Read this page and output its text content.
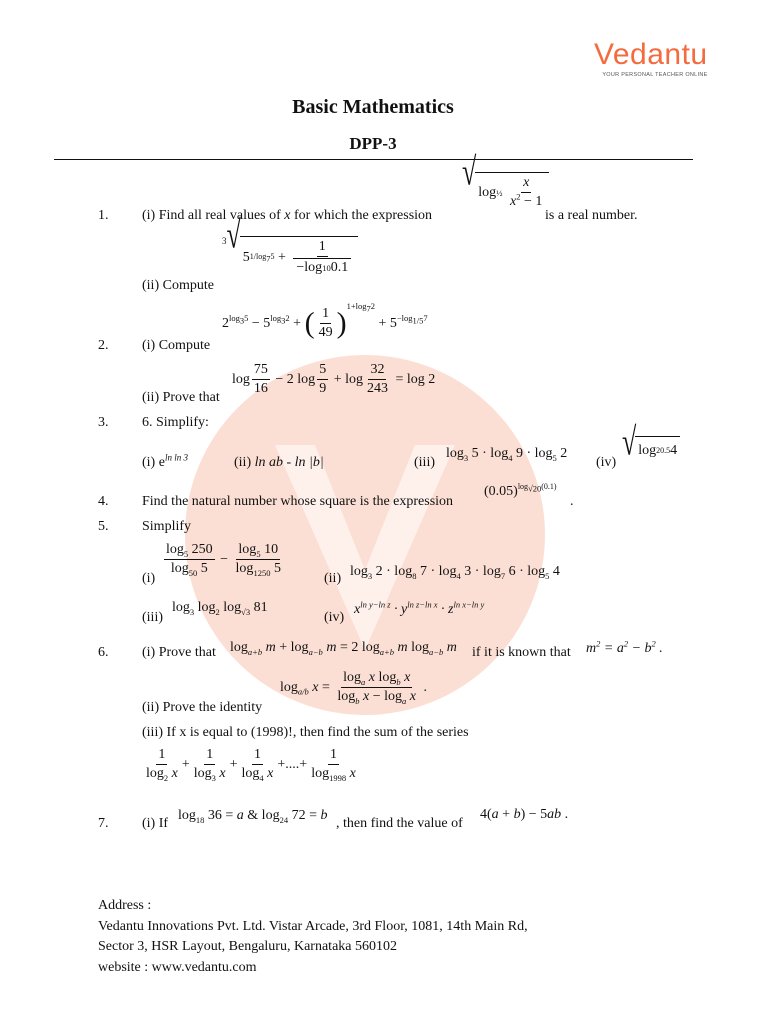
Vedantu
YOUR PERSONAL TEACHER ONLINE
Basic Mathematics
DPP-3
1. (i) Find all real values of x for which the expression
√ log ½
$\frac{x}{x^2 - 1}$
is a real number.
(ii) Compute
$^3$ √
5 $1/\log_75 + \frac{1}{-\log 10 0.1}$
2. (i) Compute
$2^{log_35} - 5^{log_32}$ + ( $\frac{1}{49} )^{1+log_72} + 5^{-log_{1/5}7}$
(ii) Prove that
$\log \frac{75}{16} - 2$ $\log \frac{5}{9} + \log \frac{32}{243} = \log 2$
3. 6. Simplify:
(i) $e^{ln ln 3}$	(ii) ln ab - ln |b|	(iii)
$\log_3 5 \cdot \log_4 9 \cdot \log_5 2$
(iv) √ log 2 0.5 4
4. Find the natural number whose square is the expression
$(0.05)^{log_{√20}(0.1)}$
.
5. Simplify
(i)
$\frac{\log_5 250}{\log_{50} 5} - \frac{\log_5 10}{\log_{1250} 5}$
(ii) $\log_3 2 \cdot \log_8 7 \cdot \log_4 3 \cdot \log_7 6 \cdot \log_5 4$
(iii)
$\log_3 \log_2 \log_{√3} 81$
(iv)
$x^{ln y-ln z} \cdot y^{ln z-ln x} \cdot z^{ln x-ln y}$
6. (i) Prove that $\log_{a+b} m + \log_{a-b} m = 2$ $\log_{a+b} m$ $\log_{a-b} m$ if it is known that $m^2 = a^2 - b^2$ .
(ii) Prove the identity
$\log_{a/b} x = \frac{\log_a x \log_b x}{\log_b x - \log_a x}$ .
(iii) If x is equal to (1998)!, then find the sum of the series
$\frac{1}{\log_2 x} + \frac{1}{\log_3 x} + \frac{1}{\log_4 x}$ +....+ $\frac{1}{\log_{1998} x}$
7. (i) If
$\log_{18} 36 = a$ & $\log_{24} 72 = b$
, then find the value of
4(a + b) − 5ab .
Address :
Vedantu Innovations Pvt. Ltd. Vistar Arcade, 3rd Floor, 1081, 14th Main Rd,
Sector 3, HSR Layout, Bengaluru, Karnataka 560102
website : www.vedantu.com
